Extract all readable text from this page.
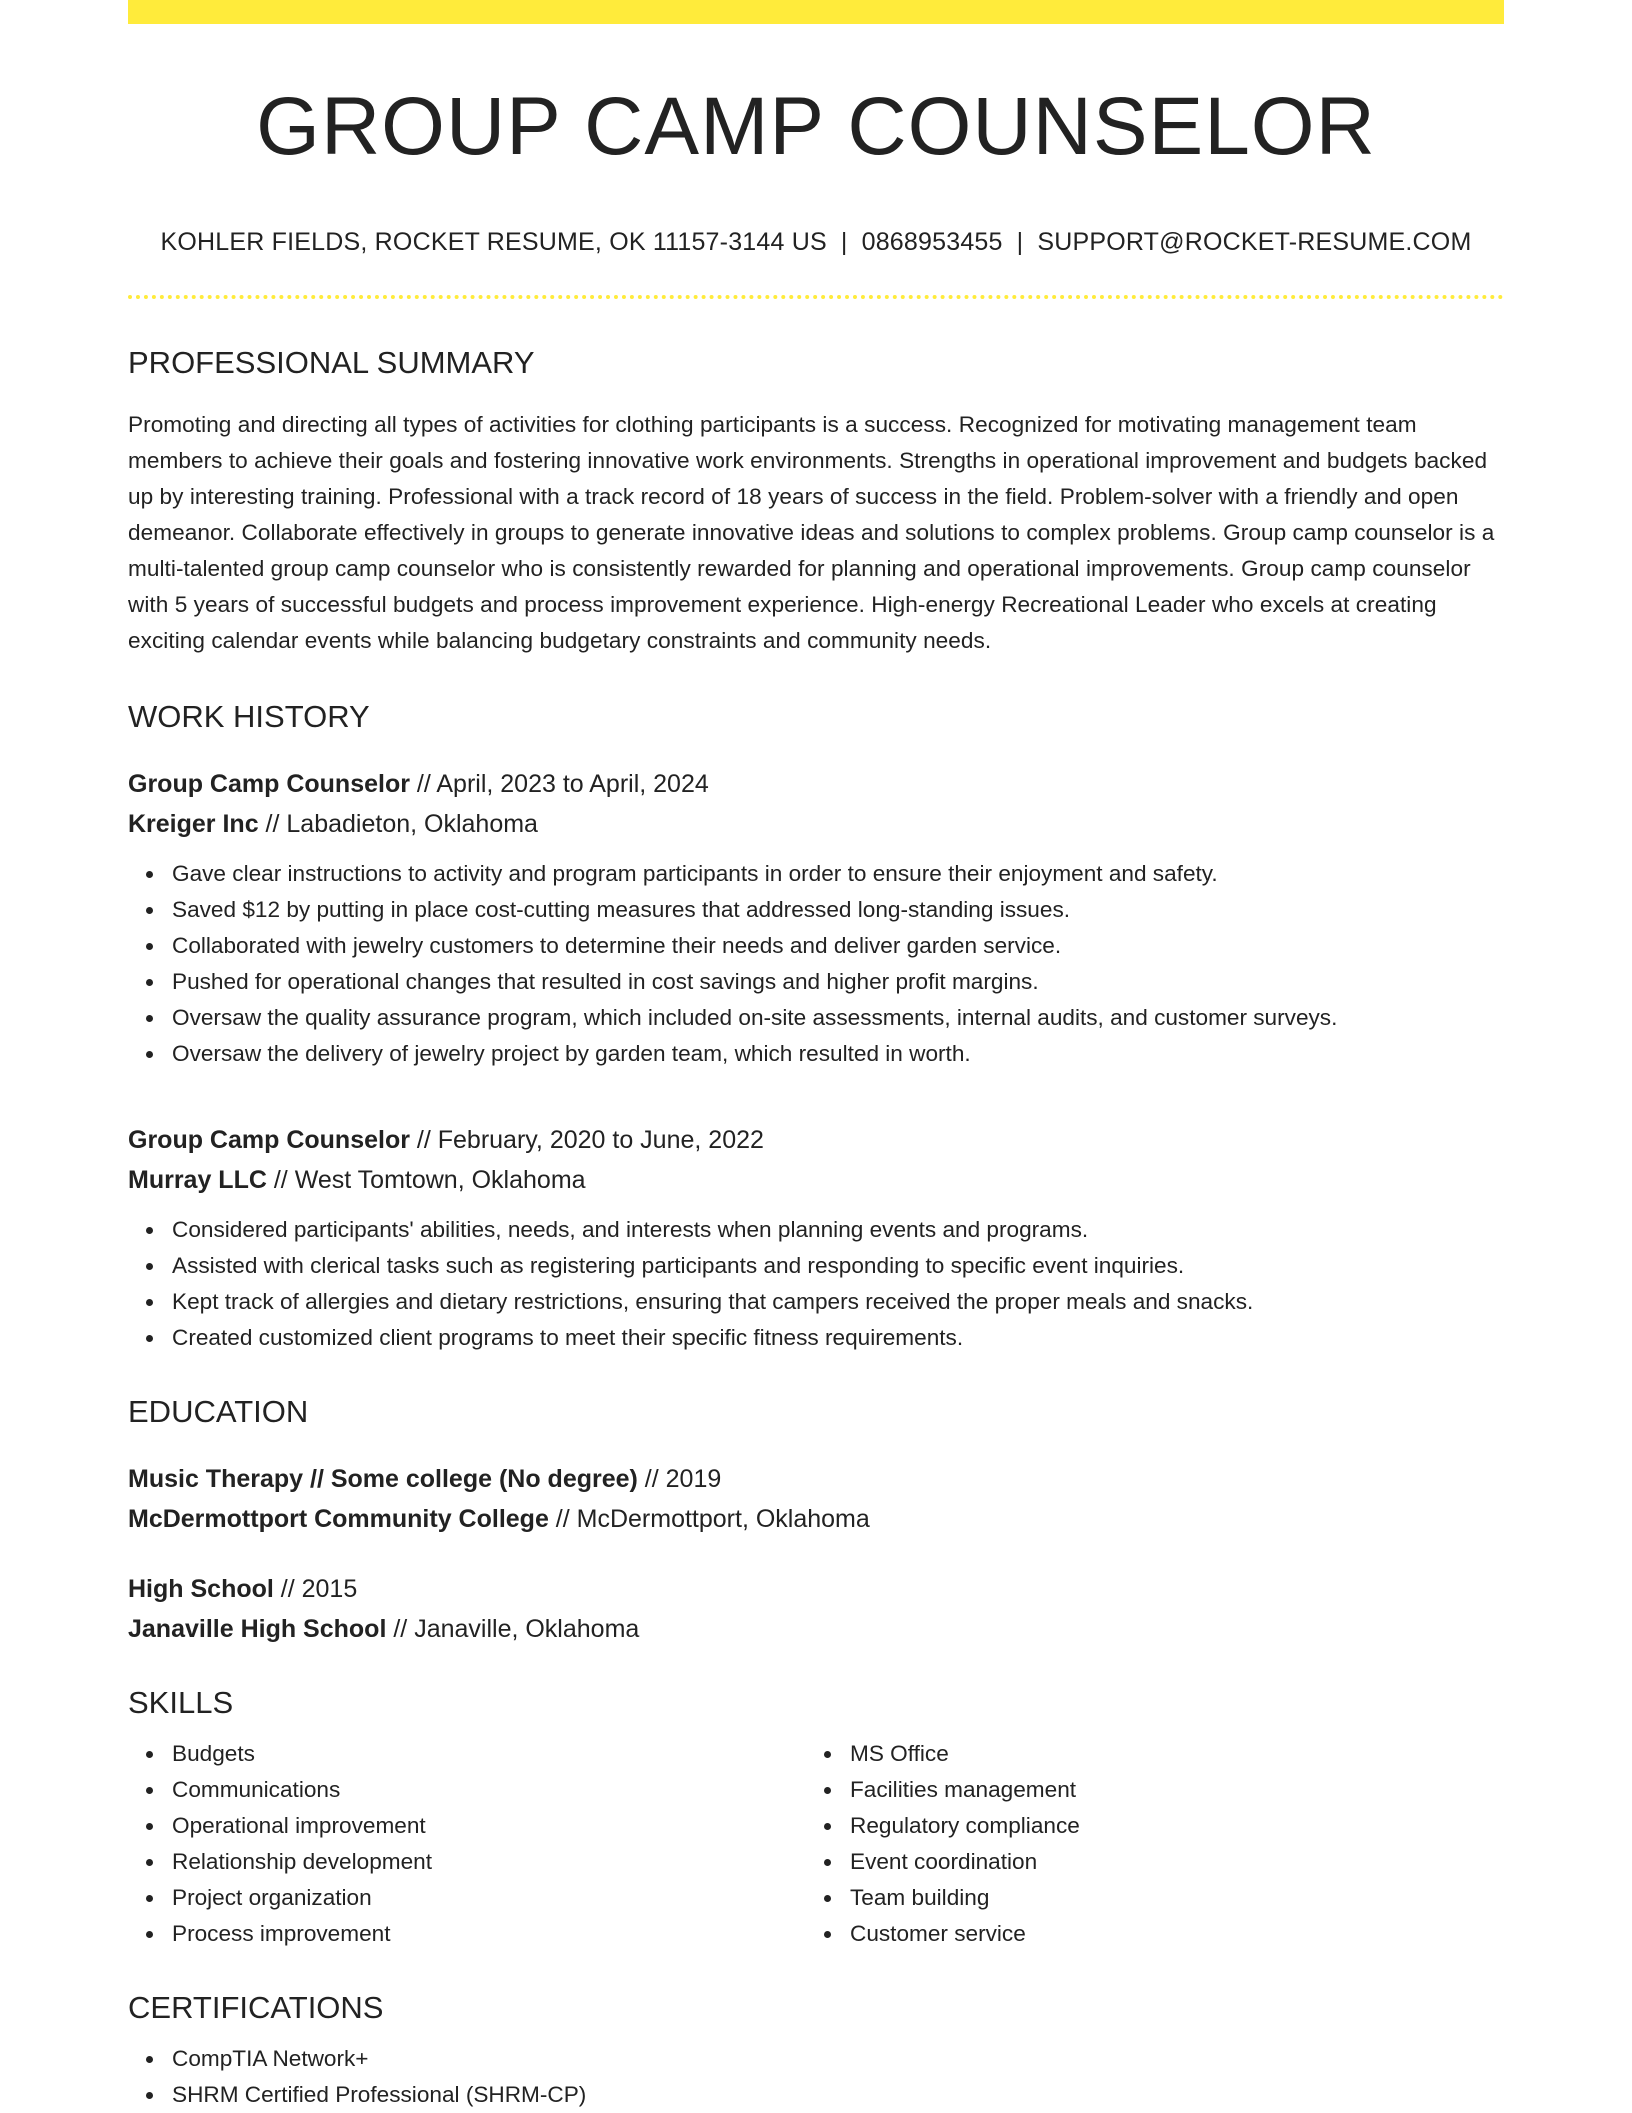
GROUP CAMP COUNSELOR
KOHLER FIELDS, ROCKET RESUME, OK 11157-3144 US | 0868953455 | SUPPORT@ROCKET-RESUME.COM
PROFESSIONAL SUMMARY

Promoting and directing all types of activities for clothing participants is a success. Recognized for motivating management team members to achieve their goals and fostering innovative work environments. Strengths in operational improvement and budgets backed up by interesting training. Professional with a track record of 18 years of success in the field. Problem-solver with a friendly and open demeanor. Collaborate effectively in groups to generate innovative ideas and solutions to complex problems. Group camp counselor is a multi-talented group camp counselor who is consistently rewarded for planning and operational improvements. Group camp counselor with 5 years of successful budgets and process improvement experience. High-energy Recreational Leader who excels at creating exciting calendar events while balancing budgetary constraints and community needs.

WORK HISTORY
Group Camp Counselor // April, 2023 to April, 2024
Kreiger Inc // Labadieton, Oklahoma
Gave clear instructions to activity and program participants in order to ensure their enjoyment and safety.
Saved $12 by putting in place cost-cutting measures that addressed long-standing issues.
Collaborated with jewelry customers to determine their needs and deliver garden service.
Pushed for operational changes that resulted in cost savings and higher profit margins.
Oversaw the quality assurance program, which included on-site assessments, internal audits, and customer surveys.
Oversaw the delivery of jewelry project by garden team, which resulted in worth.
Group Camp Counselor // February, 2020 to June, 2022
Murray LLC // West Tomtown, Oklahoma
Considered participants' abilities, needs, and interests when planning events and programs.
Assisted with clerical tasks such as registering participants and responding to specific event inquiries.
Kept track of allergies and dietary restrictions, ensuring that campers received the proper meals and snacks.
Created customized client programs to meet their specific fitness requirements.
EDUCATION
Music Therapy // Some college (No degree) // 2019
McDermottport Community College // McDermottport, Oklahoma
High School // 2015
Janaville High School // Janaville, Oklahoma
SKILLS
Budgets
Communications
Operational improvement
Relationship development
Project organization
Process improvement
MS Office
Facilities management
Regulatory compliance
Event coordination
Team building
Customer service
CERTIFICATIONS
CompTIA Network+
SHRM Certified Professional (SHRM-CP)
